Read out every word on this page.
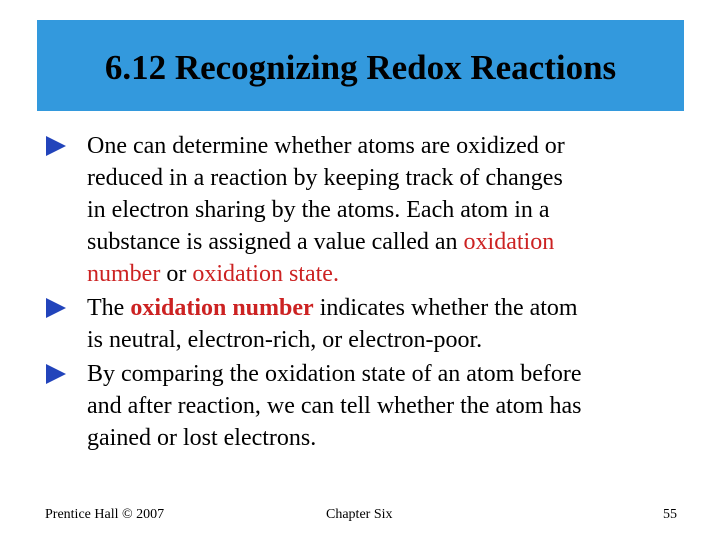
6.12 Recognizing Redox Reactions
One can determine whether atoms are oxidized or
reduced in a reaction by keeping track of changes
in electron sharing by the atoms. Each atom in a
substance is assigned a value called an oxidation
number or oxidation state.
The oxidation number indicates whether the atom
is neutral, electron-rich, or electron-poor.
By comparing the oxidation state of an atom before
and after reaction, we can tell whether the atom has
gained or lost electrons.
Prentice Hall © 2007	Chapter Six	55
